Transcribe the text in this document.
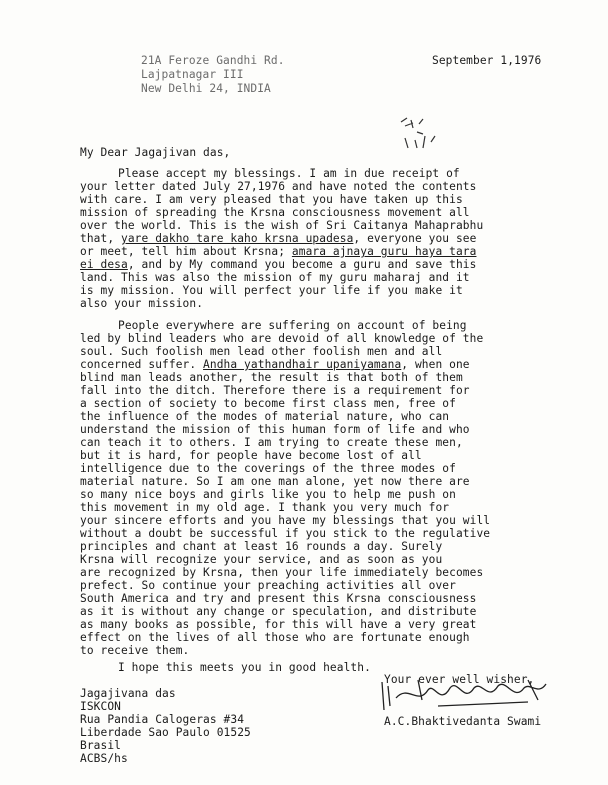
21A Feroze Gandhi Rd.
Lajpatnagar III
New Delhi 24, INDIA
September 1,1976
My Dear Jagajivan das,
Please accept my blessings. I am in due receipt of
your letter dated July 27,1976 and have noted the contents
with care. I am very pleased that you have taken up this
mission of spreading the Krsna consciousness movement all
over the world. This is the wish of Sri Caitanya Mahaprabhu
that, yare dakho tare kaho krsna upadesa, everyone you see
or meet, tell him about Krsna; amara ajnaya guru haya tara
ei desa, and by My command you become a guru and save this
land. This was also the mission of my guru maharaj and it
is my mission. You will perfect your life if you make it
also your mission.
People everywhere are suffering on account of being
led by blind leaders who are devoid of all knowledge of the
soul. Such foolish men lead other foolish men and all
concerned suffer. Andha yathandhair upaniyamana, when one
blind man leads another, the result is that both of them
fall into the ditch. Therefore there is a requirement for
a section of society to become first class men, free of
the influence of the modes of material nature, who can
understand the mission of this human form of life and who
can teach it to others. I am trying to create these men,
but it is hard, for people have become lost of all
intelligence due to the coverings of the three modes of
material nature. So I am one man alone, yet now there are
so many nice boys and girls like you to help me push on
this movement in my old age. I thank you very much for
your sincere efforts and you have my blessings that you will
without a doubt be successful if you stick to the regulative
principles and chant at least 16 rounds a day. Surely
Krsna will recognize your service, and as soon as you
are recognized by Krsna, then your life immediately becomes
prefect. So continue your preaching activities all over
South America and try and present this Krsna consciousness
as it is without any change or speculation, and distribute
as many books as possible, for this will have a very great
effect on the lives of all those who are fortunate enough
to receive them.
I hope this meets you in good health.
Your ever well wisher,
A.C.Bhaktivedanta Swami
Jagajivana das
ISKCON
Rua Pandia Calogeras #34
Liberdade Sao Paulo 01525
Brasil
ACBS/hs
